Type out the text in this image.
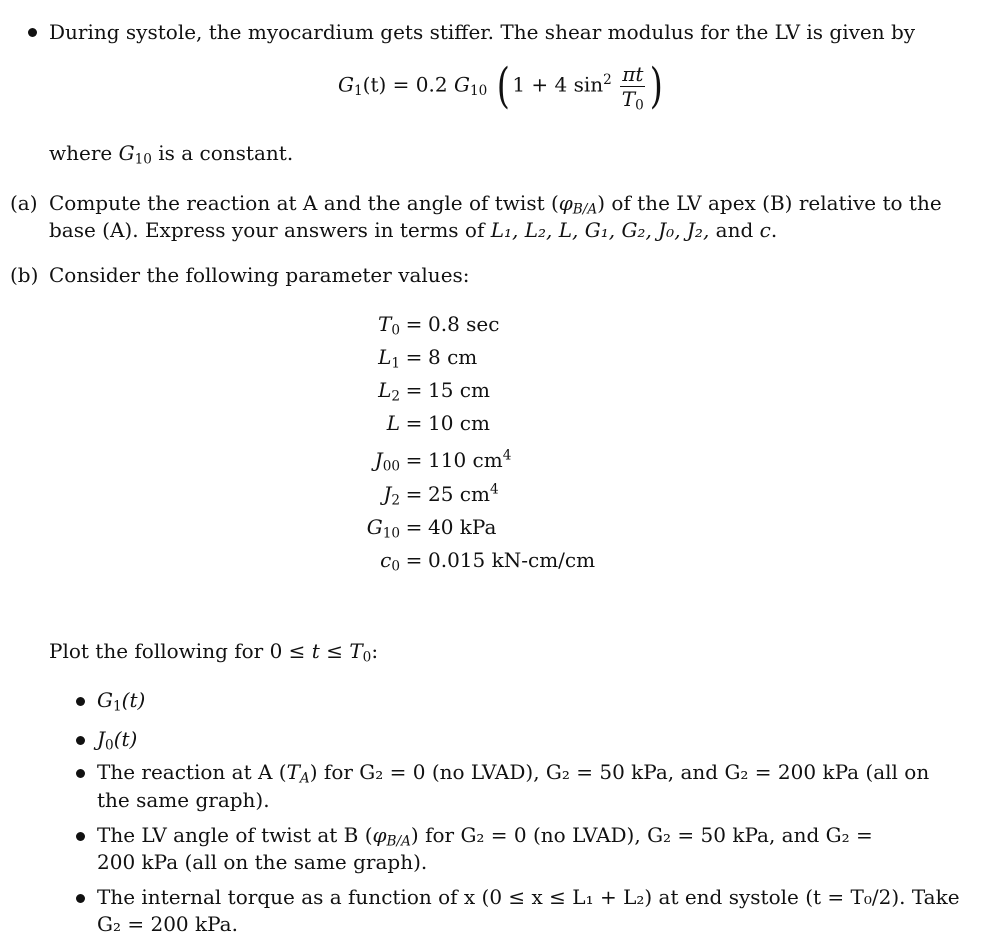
During systole, the myocardium gets stiffer. The shear modulus for the LV is given by
$G_1(t) = 0.2$ $G_{10}$ ( 1 + 4 $\sin^2 \frac{\pi t}{T_0}$ )
where $G_{10}$ is a constant.
(a) Compute the reaction at A and the angle of twist $(\varphi_{B/A})$ of the LV apex (B) relative to the
base (A). Express your answers in terms of L₁, L₂, L, G₁, G₂, J₀, J₂, and c.
(b) Consider the following parameter values:
$T_0 = 0.8$ sec
$L_1 = 8$ cm
$L_2 = 15$ cm
L = 10 cm
$J_{00} = 110$ $cm^4$
$J_2 = 25$ $cm^4$
$G_{10} = 40$ kPa
$c_0 = 0.015$ kN-cm/cm
Plot the following for $0 \le t \le T_0$:
$G_1(t)$
$J_0(t)$
The reaction at A $(T_A)$ for G₂ = 0 (no LVAD), G₂ = 50 kPa, and G₂ = 200 kPa (all on
the same graph).
The LV angle of twist at B $(\varphi_{B/A})$ for G₂ = 0 (no LVAD), G₂ = 50 kPa, and G₂ =
200 kPa (all on the same graph).
The internal torque as a function of x (0 ≤ x ≤ L₁ + L₂) at end systole (t = T₀/2). Take
G₂ = 200 kPa.
